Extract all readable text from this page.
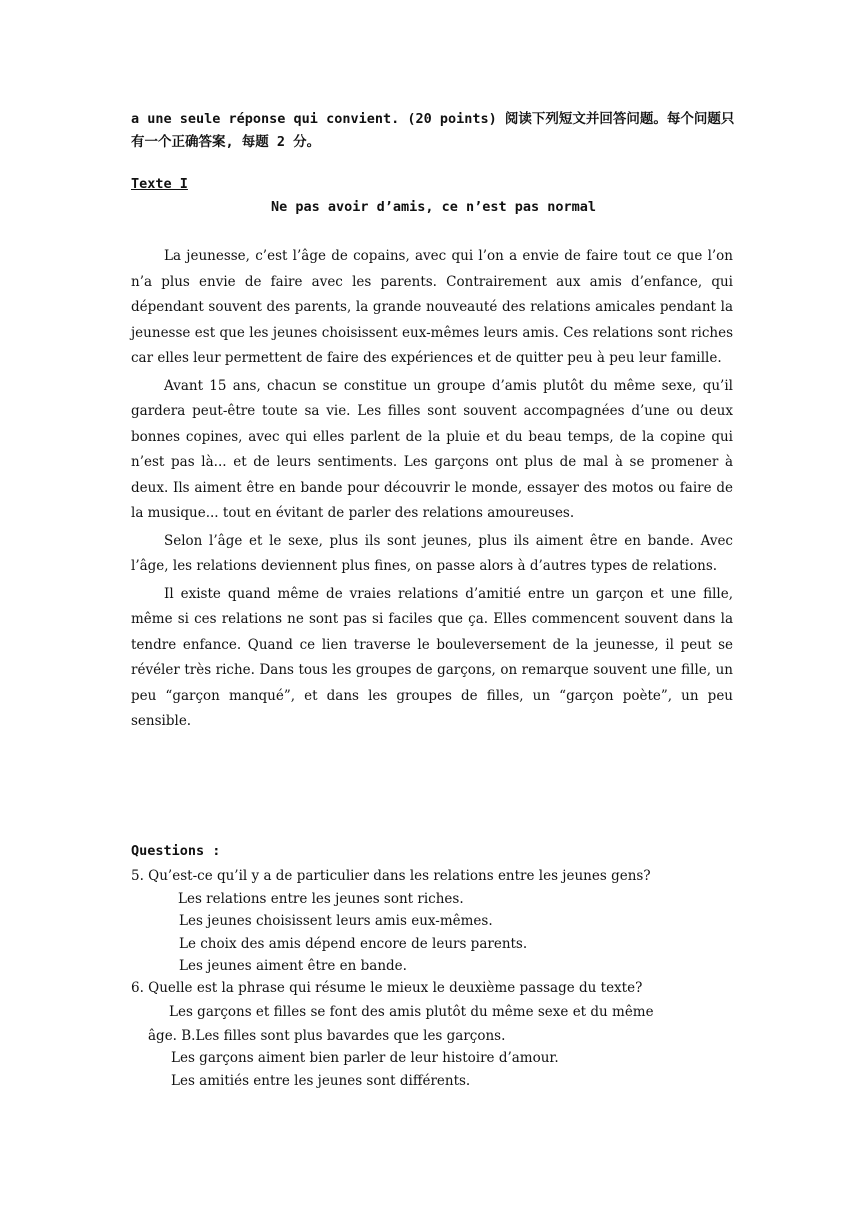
a une seule réponse qui convient. (20 points) 阅读下列短文并回答问题。每个问题只有一个正确答案, 每题 2 分。
Texte I
Ne pas avoir d’amis, ce n’est pas normal

La jeunesse, c’est l’âge de copains, avec qui l’on a envie de faire tout ce que l’on n’a plus envie de faire avec les parents. Contrairement aux amis d’enfance, qui dépendant souvent des parents, la grande nouveauté des relations amicales pendant la jeunesse est que les jeunes choisissent eux-mêmes leurs amis. Ces relations sont riches car elles leur permettent de faire des expériences et de quitter peu à peu leur famille.

Avant 15 ans, chacun se constitue un groupe d’amis plutôt du même sexe, qu’il gardera peut-être toute sa vie. Les filles sont souvent accompagnées d’une ou deux bonnes copines, avec qui elles parlent de la pluie et du beau temps, de la copine qui n’est pas là... et de leurs sentiments. Les garçons ont plus de mal à se promener à deux. Ils aiment être en bande pour découvrir le monde, essayer des motos ou faire de la musique... tout en évitant de parler des relations amoureuses.

Selon l’âge et le sexe, plus ils sont jeunes, plus ils aiment être en bande. Avec l’âge, les relations deviennent plus fines, on passe alors à d’autres types de relations.

Il existe quand même de vraies relations d’amitié entre un garçon et une fille, même si ces relations ne sont pas si faciles que ça. Elles commencent souvent dans la tendre enfance. Quand ce lien traverse le bouleversement de la jeunesse, il peut se révéler très riche. Dans tous les groupes de garçons, on remarque souvent une fille, un peu “garçon manqué”, et dans les groupes de filles, un “garçon poète”, un peu sensible.

Questions :
5. Qu’est-ce qu’il y a de particulier dans les relations entre les jeunes gens?
Les relations entre les jeunes sont riches.
Les jeunes choisissent leurs amis eux-mêmes.
Le choix des amis dépend encore de leurs parents.
Les jeunes aiment être en bande.
6. Quelle est la phrase qui résume le mieux le deuxième passage du texte?
Les garçons et filles se font des amis plutôt du même sexe et du même
âge. B.Les filles sont plus bavardes que les garçons.
Les garçons aiment bien parler de leur histoire d’amour.
Les amitiés entre les jeunes sont différents.
